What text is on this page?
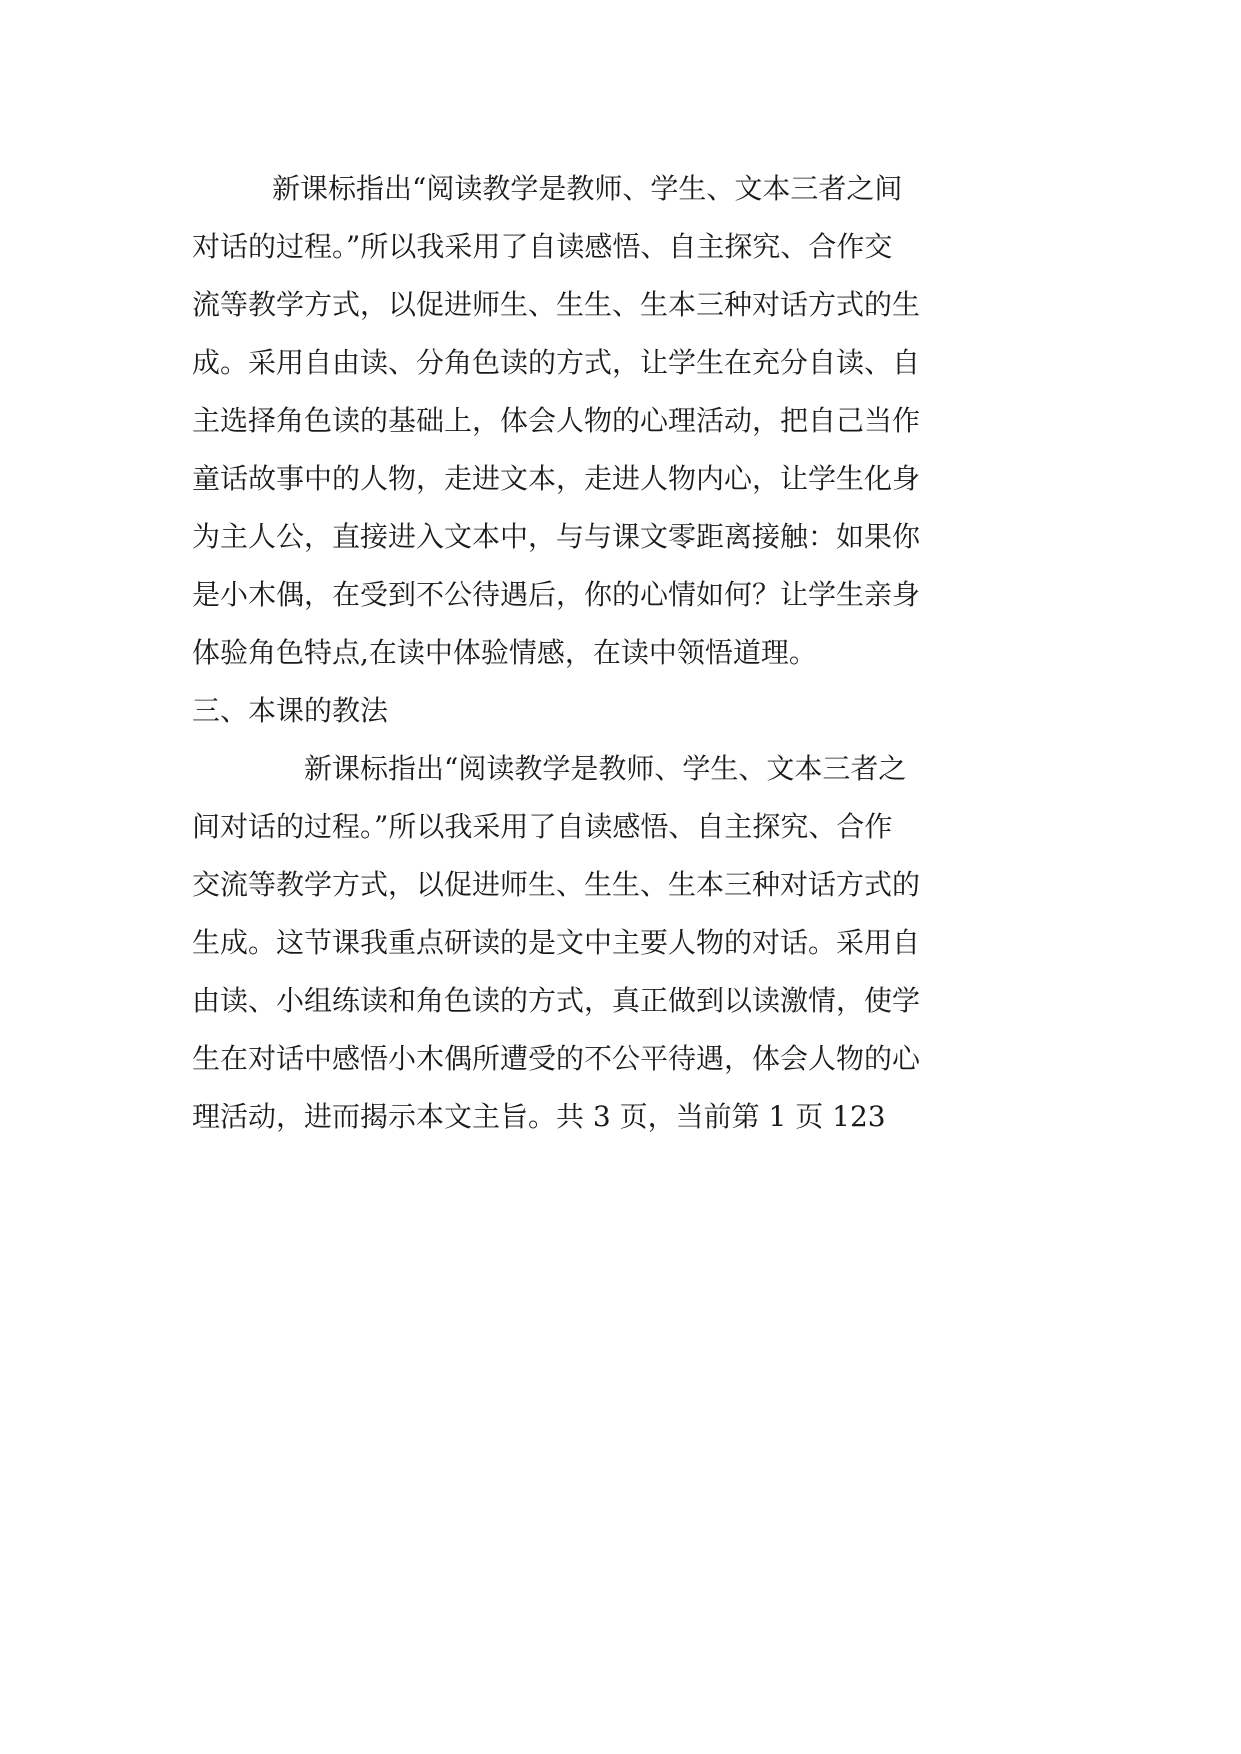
新课标指出“阅读教学是教师、学生、文本三者之间
对话的过程。”所以我采用了自读感悟、自主探究、合作交
流等教学方式，以促进师生、生生、生本三种对话方式的生
成。采用自由读、分角色读的方式，让学生在充分自读、自
主选择角色读的基础上，体会人物的心理活动，把自己当作
童话故事中的人物，走进文本，走进人物内心，让学生化身
为主人公，直接进入文本中，与与课文零距离接触：如果你
是小木偶，在受到不公待遇后，你的心情如何？让学生亲身
体验角色特点,在读中体验情感，在读中领悟道理。
三、本课的教法
新课标指出“阅读教学是教师、学生、文本三者之
间对话的过程。”所以我采用了自读感悟、自主探究、合作
交流等教学方式，以促进师生、生生、生本三种对话方式的
生成。这节课我重点研读的是文中主要人物的对话。采用自
由读、小组练读和角色读的方式，真正做到以读激情，使学
生在对话中感悟小木偶所遭受的不公平待遇，体会人物的心
理活动，进而揭示本文主旨。共 3 页，当前第 1 页 123
